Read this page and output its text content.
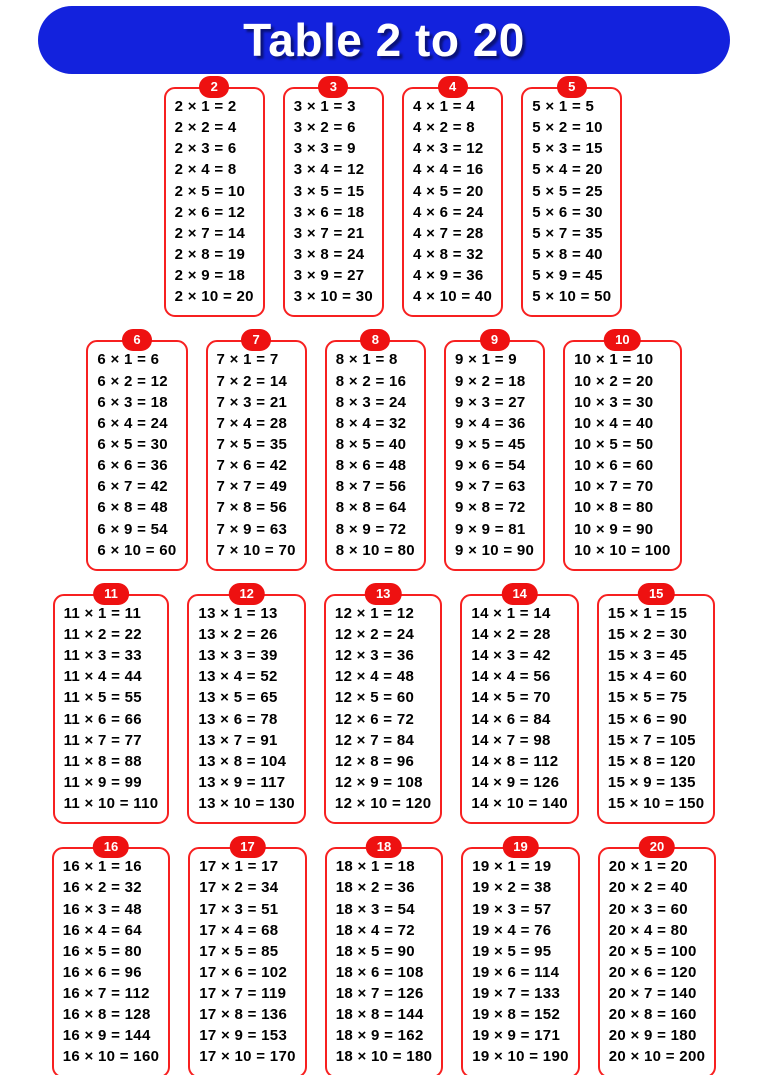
Table 2 to 20
2
2 × 1 = 2
2 × 2 = 4
2 × 3 = 6
2 × 4 = 8
2 × 5 = 10
2 × 6 = 12
2 × 7 = 14
2 × 8 = 19
2 × 9 = 18
2 × 10 = 20
3
3 × 1 = 3
3 × 2 = 6
3 × 3 = 9
3 × 4 = 12
3 × 5 = 15
3 × 6 = 18
3 × 7 = 21
3 × 8 = 24
3 × 9 = 27
3 × 10 = 30
4
4 × 1 = 4
4 × 2 = 8
4 × 3 = 12
4 × 4 = 16
4 × 5 = 20
4 × 6 = 24
4 × 7 = 28
4 × 8 = 32
4 × 9 = 36
4 × 10 = 40
5
5 × 1 = 5
5 × 2 = 10
5 × 3 = 15
5 × 4 = 20
5 × 5 = 25
5 × 6 = 30
5 × 7 = 35
5 × 8 = 40
5 × 9 = 45
5 × 10 = 50
6
6 × 1 = 6
6 × 2 = 12
6 × 3 = 18
6 × 4 = 24
6 × 5 = 30
6 × 6 = 36
6 × 7 = 42
6 × 8 = 48
6 × 9 = 54
6 × 10 = 60
7
7 × 1 = 7
7 × 2 = 14
7 × 3 = 21
7 × 4 = 28
7 × 5 = 35
7 × 6 = 42
7 × 7 = 49
7 × 8 = 56
7 × 9 = 63
7 × 10 = 70
8
8 × 1 = 8
8 × 2 = 16
8 × 3 = 24
8 × 4 = 32
8 × 5 = 40
8 × 6 = 48
8 × 7 = 56
8 × 8 = 64
8 × 9 = 72
8 × 10 = 80
9
9 × 1 = 9
9 × 2 = 18
9 × 3 = 27
9 × 4 = 36
9 × 5 = 45
9 × 6 = 54
9 × 7 = 63
9 × 8 = 72
9 × 9 = 81
9 × 10 = 90
10
10 × 1 = 10
10 × 2 = 20
10 × 3 = 30
10 × 4 = 40
10 × 5 = 50
10 × 6 = 60
10 × 7 = 70
10 × 8 = 80
10 × 9 = 90
10 × 10 = 100
11
11 × 1 = 11
11 × 2 = 22
11 × 3 = 33
11 × 4 = 44
11 × 5 = 55
11 × 6 = 66
11 × 7 = 77
11 × 8 = 88
11 × 9 = 99
11 × 10 = 110
12
13 × 1 = 13
13 × 2 = 26
13 × 3 = 39
13 × 4 = 52
13 × 5 = 65
13 × 6 = 78
13 × 7 = 91
13 × 8 = 104
13 × 9 = 117
13 × 10 = 130
13
12 × 1 = 12
12 × 2 = 24
12 × 3 = 36
12 × 4 = 48
12 × 5 = 60
12 × 6 = 72
12 × 7 = 84
12 × 8 = 96
12 × 9 = 108
12 × 10 = 120
14
14 × 1 = 14
14 × 2 = 28
14 × 3 = 42
14 × 4 = 56
14 × 5 = 70
14 × 6 = 84
14 × 7 = 98
14 × 8 = 112
14 × 9 = 126
14 × 10 = 140
15
15 × 1 = 15
15 × 2 = 30
15 × 3 = 45
15 × 4 = 60
15 × 5 = 75
15 × 6 = 90
15 × 7 = 105
15 × 8 = 120
15 × 9 = 135
15 × 10 = 150
16
16 × 1 = 16
16 × 2 = 32
16 × 3 = 48
16 × 4 = 64
16 × 5 = 80
16 × 6 = 96
16 × 7 = 112
16 × 8 = 128
16 × 9 = 144
16 × 10 = 160
17
17 × 1 = 17
17 × 2 = 34
17 × 3 = 51
17 × 4 = 68
17 × 5 = 85
17 × 6 = 102
17 × 7 = 119
17 × 8 = 136
17 × 9 = 153
17 × 10 = 170
18
18 × 1 = 18
18 × 2 = 36
18 × 3 = 54
18 × 4 = 72
18 × 5 = 90
18 × 6 = 108
18 × 7 = 126
18 × 8 = 144
18 × 9 = 162
18 × 10 = 180
19
19 × 1 = 19
19 × 2 = 38
19 × 3 = 57
19 × 4 = 76
19 × 5 = 95
19 × 6 = 114
19 × 7 = 133
19 × 8 = 152
19 × 9 = 171
19 × 10 = 190
20
20 × 1 = 20
20 × 2 = 40
20 × 3 = 60
20 × 4 = 80
20 × 5 = 100
20 × 6 = 120
20 × 7 = 140
20 × 8 = 160
20 × 9 = 180
20 × 10 = 200
